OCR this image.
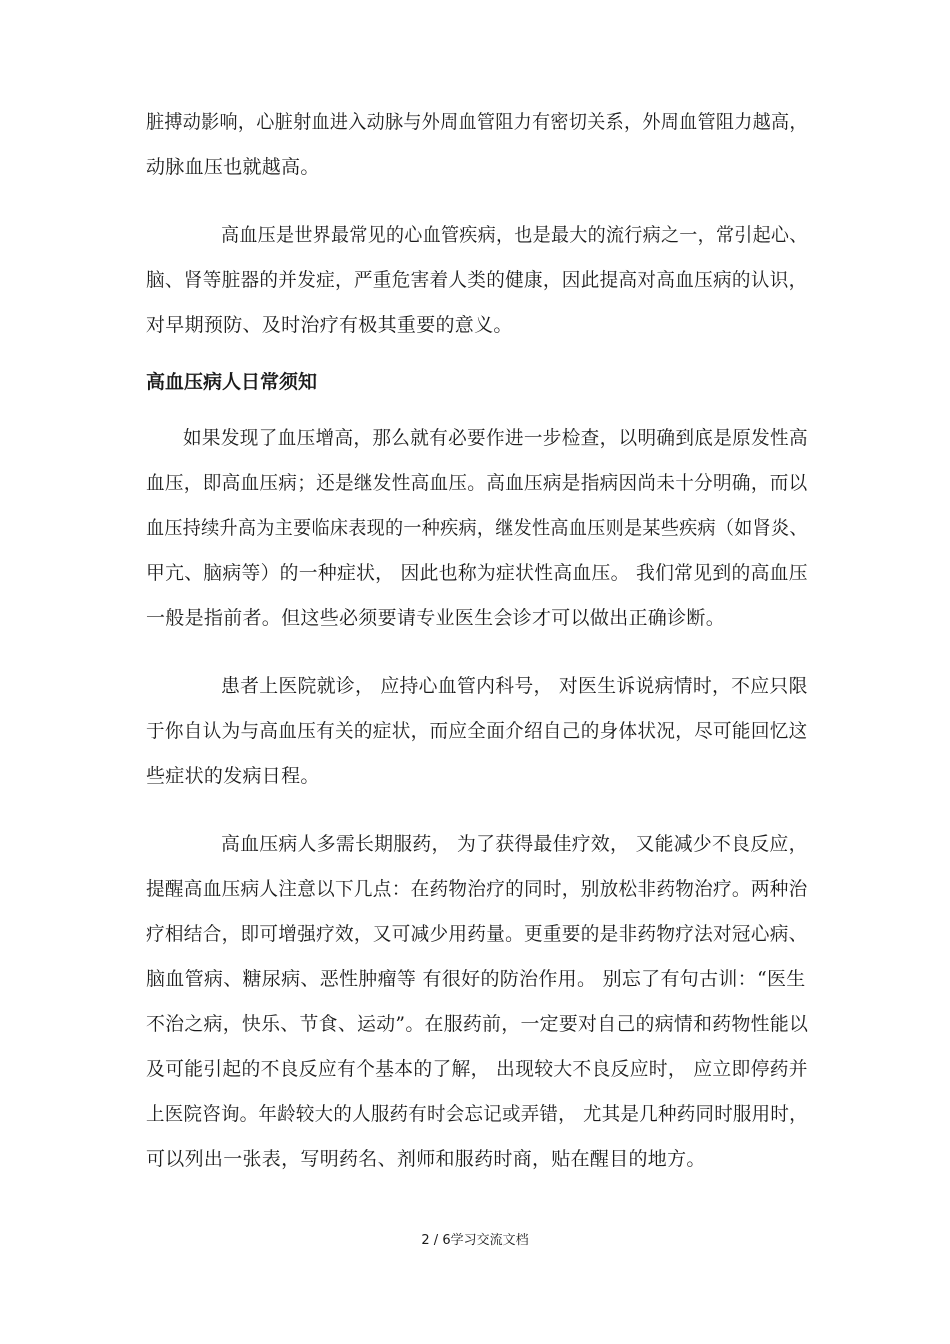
脏搏动影响，心脏射血进入动脉与外周血管阻力有密切关系，外周血管阻力越高，
动脉血压也就越高。
高血压是世界最常见的心血管疾病，也是最大的流行病之一，常引起心、
脑、肾等脏器的并发症，严重危害着人类的健康，因此提高对高血压病的认识，
对早期预防、及时治疗有极其重要的意义。
高血压病人日常须知
如果发现了血压增高，那么就有必要作进一步检查，以明确到底是原发性高
血压，即高血压病；还是继发性高血压。高血压病是指病因尚未十分明确，而以
血压持续升高为主要临床表现的一种疾病，继发性高血压则是某些疾病（如肾炎、
甲亢、脑病等）的一种症状， 因此也称为症状性高血压。 我们常见到的高血压
一般是指前者。但这些必须要请专业医生会诊才可以做出正确诊断。
患者上医院就诊， 应持心血管内科号， 对医生诉说病情时，不应只限
于你自认为与高血压有关的症状，而应全面介绍自己的身体状况，尽可能回忆这
些症状的发病日程。
高血压病人多需长期服药， 为了获得最佳疗效， 又能减少不良反应，
提醒高血压病人注意以下几点：在药物治疗的同时，别放松非药物治疗。两种治
疗相结合，即可增强疗效，又可减少用药量。更重要的是非药物疗法对冠心病、
脑血管病、糖尿病、恶性肿瘤等 有很好的防治作用。 别忘了有句古训：“医生
不治之病，快乐、节食、运动”。在服药前，一定要对自己的病情和药物性能以
及可能引起的不良反应有个基本的了解， 出现较大不良反应时， 应立即停药并
上医院咨询。年龄较大的人服药有时会忘记或弄错， 尤其是几种药同时服用时，
可以列出一张表，写明药名、剂师和服药时商，贴在醒目的地方。
2 / 6学习交流文档
